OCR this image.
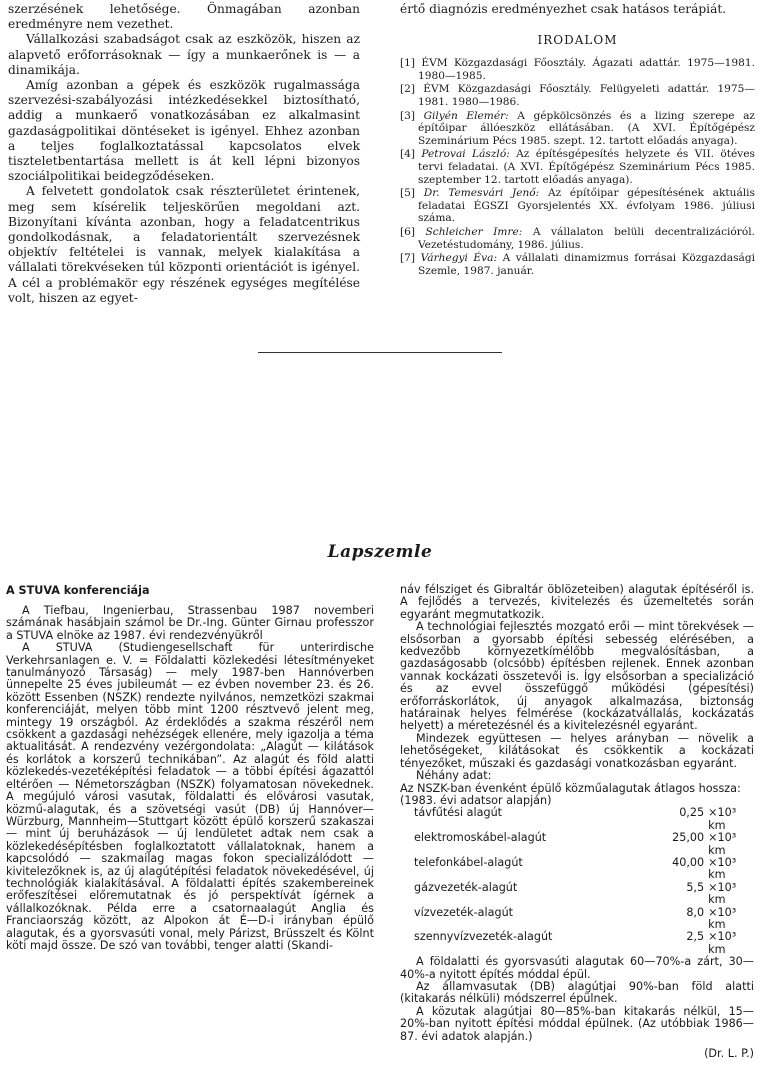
szerzésének lehetősége. Önmagában azonban eredményre nem vezethet.

Vállalkozási szabadságot csak az eszközök, hiszen az alapvető erőforrásoknak — így a munkaerőnek is — a dinamikája.

Amíg azonban a gépek és eszközök rugalmassága szervezési-szabályozási intézkedésekkel biztosítható, addig a munkaerő vonatkozásában ez alkalmasint gazdaságpolitikai döntéseket is igényel. Ehhez azonban a teljes foglalkoztatással kapcsolatos elvek tiszteletbentartása mellett is át kell lépni bizonyos szociálpolitikai beidegződéseken.

A felvetett gondolatok csak részterületet érintenek, meg sem kísérelik teljeskörűen megoldani azt. Bizonyítani kívánta azonban, hogy a feladatcentrikus gondolkodásnak, a feladatorientált szervezésnek objektív feltételei is vannak, melyek kialakítása a vállalati törekvéseken túl központi orientációt is igényel. A cél a problémakör egy részének egységes megítélése volt, hiszen az egyet-

értő diagnózis eredményezhet csak hatásos terápiát.

IRODALOM

[1] ÉVM Közgazdasági Főosztály. Ágazati adattár. 1975—1981. 1980—1985.

[2] ÉVM Közgazdasági Főosztály. Felügyeleti adattár. 1975—1981. 1980—1986.

[3] Gilyén Elemér: A gépkölcsönzés és a lizing szerepe az építőipar állóeszköz ellátásában. (A XVI. Építőgépész Szeminárium Pécs 1985. szept. 12. tartott előadás anyaga).

[4] Petrovai László: Az építésgépesítés helyzete és VII. ötéves tervi feladatai. (A XVI. Építőgépész Szeminárium Pécs 1985. szeptember 12. tartott előadás anyaga).

[5] Dr. Temesvári Jenő: Az építőipar gépesítésének aktuális feladatai ÉGSZI Gyorsjelentés XX. évfolyam 1986. júliusi száma.

[6] Schleicher Imre: A vállalaton belüli decentralizációról. Vezetéstudomány, 1986. július.

[7] Várhegyi Éva: A vállalati dinamizmus forrásai Közgazdasági Szemle, 1987. január.

Lapszemle

A STUVA konferenciája

A Tiefbau, Ingenierbau, Strassenbau 1987 novemberi számának hasábjain számol be Dr.-Ing. Günter Girnau professzor a STUVA elnöke az 1987. évi rendezvényükről

A STUVA (Studiengesellschaft für unterirdische Verkehrsanlagen e. V. = Földalatti közlekedési létesítményeket tanulmányozó Társaság) — mely 1987-ben Hannóverben ünnepelte 25 éves jubileumát — ez évben november 23. és 26. között Essenben (NSZK) rendezte nyilvános, nemzetközi szakmai konferenciáját, melyen több mint 1200 résztvevő jelent meg, mintegy 19 országból. Az érdeklődés a szakma részéről nem csökkent a gazdasági nehézségek ellenére, mely igazolja a téma aktualitását. A rendezvény vezérgondolata: „Alagút — kilátások és korlátok a korszerű technikában”. Az alagút és föld alatti közlekedés-vezetéképítési feladatok — a többi építési ágazattól eltérően — Németországban (NSZK) folyamatosan növekednek. A megújuló városi vasutak, földalatti és elővárosi vasutak, közmű-alagutak, és a szövetségi vasút (DB) új Hannóver—Würzburg, Mannheim—Stuttgart között épülő korszerű szakaszai — mint új beruházások — új lendületet adtak nem csak a közlekedésépítésben foglalkoztatott vállalatoknak, hanem a kapcsolódó — szakmailag magas fokon specializálódott — kivitelezőknek is, az új alagútépítési feladatok növekedésével, új technológiák kialakításával. A földalatti építés szakembereinek erőfeszítései előremutatnak és jó perspektívát ígérnek a vállalkozóknak. Példa erre a csatornaalagút Anglia és Franciaország között, az Alpokon át É—D-i irányban épülő alagutak, és a gyorsvasúti vonal, mely Párizst, Brüsszelt és Kölnt köti majd össze. De szó van további, tenger alatti (Skandi-

náv félsziget és Gibraltár öblözeteiben) alagutak építéséről is. A fejlődés a tervezés, kivitelezés és üzemeltetés során egyaránt megmutatkozik.

A technológiai fejlesztés mozgató erői — mint törekvések — elsősorban a gyorsabb építési sebesség elérésében, a kedvezőbb környezetkímélőbb megvalósításban, a gazdaságosabb (olcsóbb) építésben rejlenek. Ennek azonban vannak kockázati összetevői is. Így elsősorban a specializáció és az evvel összefüggő működési (gépesítési) erőforráskorlátok, új anyagok alkalmazása, biztonság határainak helyes felmérése (kockázatvállalás, kockázatás helyett) a méretezésnél és a kivitelezésnél egyaránt.

Mindezek együttesen — helyes arányban — növelik a lehetőségeket, kilátásokat és csökkentik a kockázati tényezőket, műszaki és gazdasági vonatkozásban egyaránt.

Néhány adat:

Az NSZK-ban évenként épülő közműalagutak átlagos hossza:

(1983. évi adatsor alapján)

távfűtési alagút	0,25 ×10³ km
elektromoskábel-alagút	25,00 ×10³ km
telefonkábel-alagút	40,00 ×10³ km
gázvezeték-alagút	5,5 ×10³ km
vízvezeték-alagút	8,0 ×10³ km
szennyvízvezeték-alagút	2,5 ×10³ km

A földalatti és gyorsvasúti alagutak 60—70%-a zárt, 30—40%-a nyitott építés móddal épül.

Az államvasutak (DB) alagútjai 90%-ban föld alatti (kitakarás nélküli) módszerrel épülnek.

A közutak alagútjai 80—85%-ban kitakarás nélkül, 15—20%-ban nyitott építési móddal épülnek. (Az utóbbiak 1986—87. évi adatok alapján.)

(Dr. L. P.)
